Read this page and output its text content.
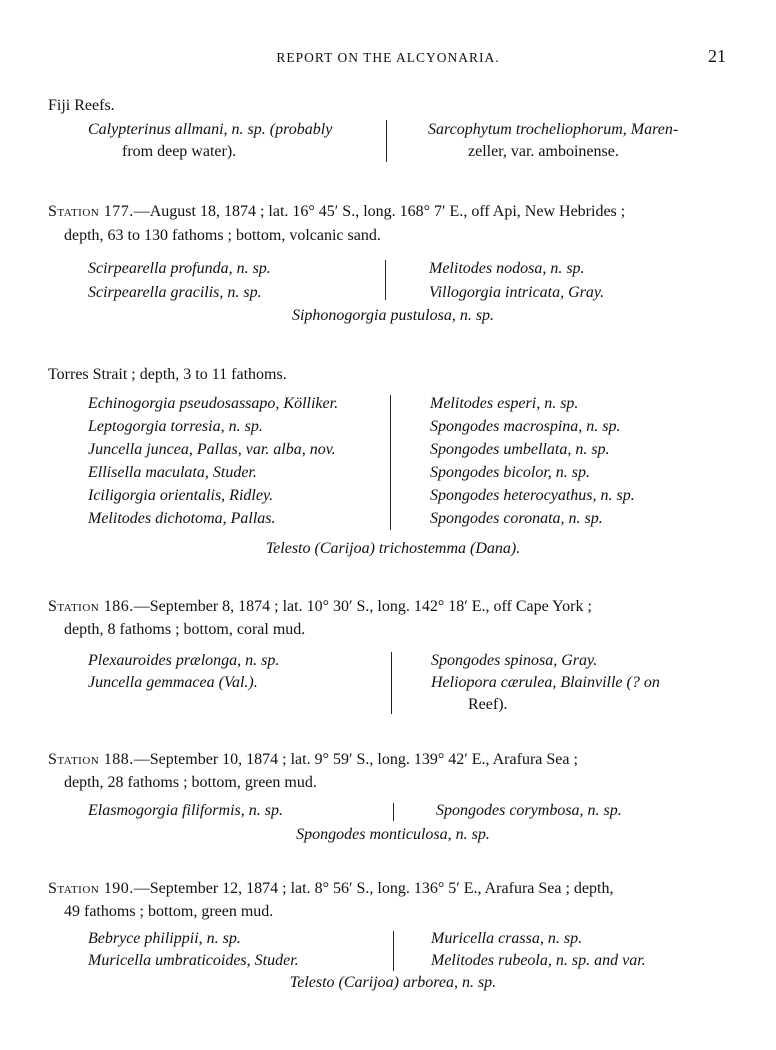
REPORT ON THE ALCYONARIA.	21
Fiji Reefs.
Calypterinus allmani, n. sp. (probably
from deep water).
Sarcophytum trocheliophorum, Maren-
zeller, var. amboinense.
Station 177.—August 18, 1874 ; lat. 16° 45′ S., long. 168° 7′ E., off Api, New Hebrides ;
depth, 63 to 130 fathoms ; bottom, volcanic sand.
Scirpearella profunda, n. sp.
Scirpearella gracilis, n. sp.
Melitodes nodosa, n. sp.
Villogorgia intricata, Gray.
Siphonogorgia pustulosa, n. sp.
Torres Strait ; depth, 3 to 11 fathoms.
Echinogorgia pseudosassapo, Kölliker.
Leptogorgia torresia, n. sp.
Juncella juncea, Pallas, var. alba, nov.
Ellisella maculata, Studer.
Iciligorgia orientalis, Ridley.
Melitodes dichotoma, Pallas.
Melitodes esperi, n. sp.
Spongodes macrospina, n. sp.
Spongodes umbellata, n. sp.
Spongodes bicolor, n. sp.
Spongodes heterocyathus, n. sp.
Spongodes coronata, n. sp.
Telesto (Carijoa) trichostemma (Dana).
Station 186.—September 8, 1874 ; lat. 10° 30′ S., long. 142° 18′ E., off Cape York ;
depth, 8 fathoms ; bottom, coral mud.
Plexauroides prælonga, n. sp.
Juncella gemmacea (Val.).
Spongodes spinosa, Gray.
Heliopora cærulea, Blainville (? on
Reef).
Station 188.—September 10, 1874 ; lat. 9° 59′ S., long. 139° 42′ E., Arafura Sea ;
depth, 28 fathoms ; bottom, green mud.
Elasmogorgia filiformis, n. sp.	Spongodes corymbosa, n. sp.
Spongodes monticulosa, n. sp.
Station 190.—September 12, 1874 ; lat. 8° 56′ S., long. 136° 5′ E., Arafura Sea ; depth,
49 fathoms ; bottom, green mud.
Bebryce philippii, n. sp.
Muricella umbraticoides, Studer.
Muricella crassa, n. sp.
Melitodes rubeola, n. sp. and var.
Telesto (Carijoa) arborea, n. sp.
